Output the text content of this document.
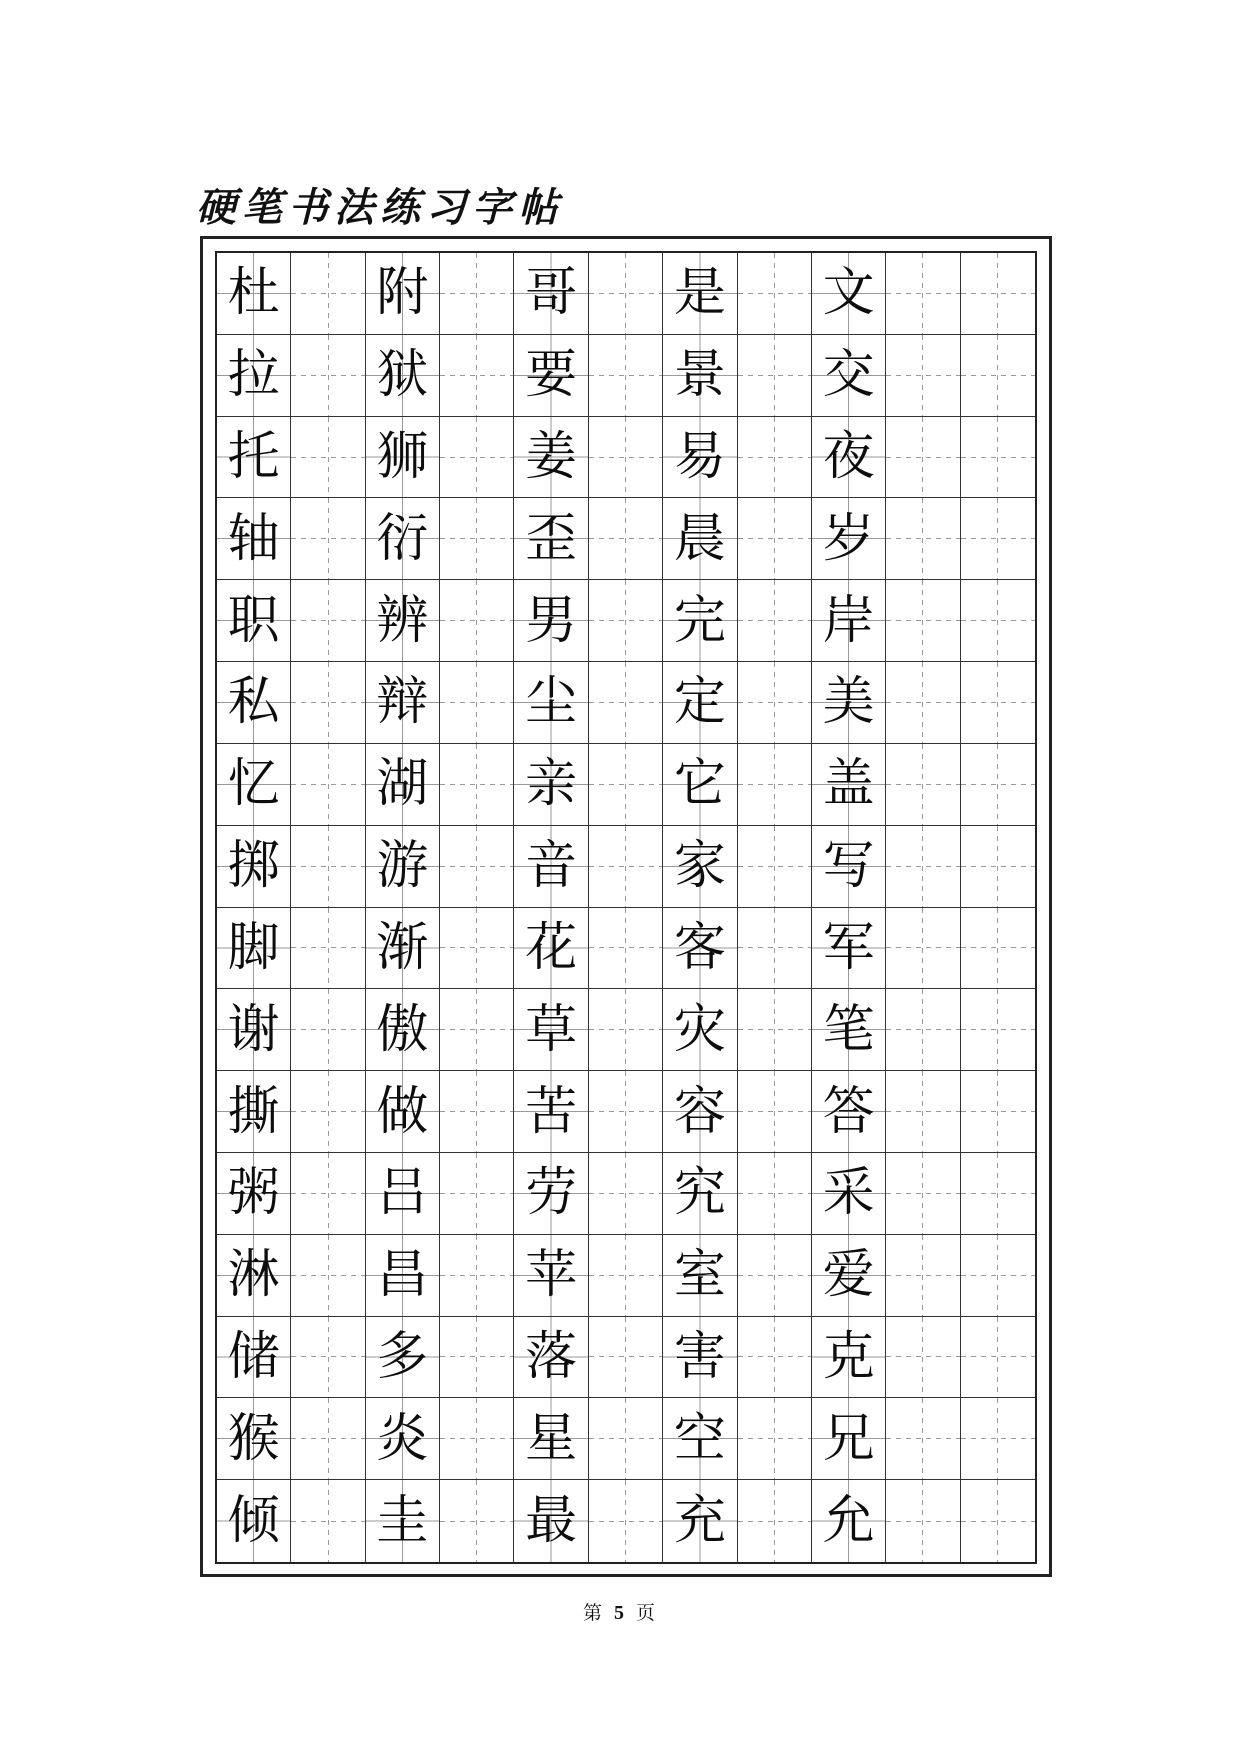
硬笔书法练习字帖
杜 附 哥 是 文
拉 狱 要 景 交
托 狮 姜 易 夜
轴 衍 歪 晨 岁
职 辨 男 完 岸
私 辩 尘 定 美
忆 湖 亲 它 盖
掷 游 音 家 写
脚 渐 花 客 军
谢 傲 草 灾 笔
撕 做 苦 容 答
粥 吕 劳 究 采
淋 昌 苹 室 爱
储 多 落 害 克
猴 炎 星 空 兄
倾 圭 最 充 允
第 5 页
